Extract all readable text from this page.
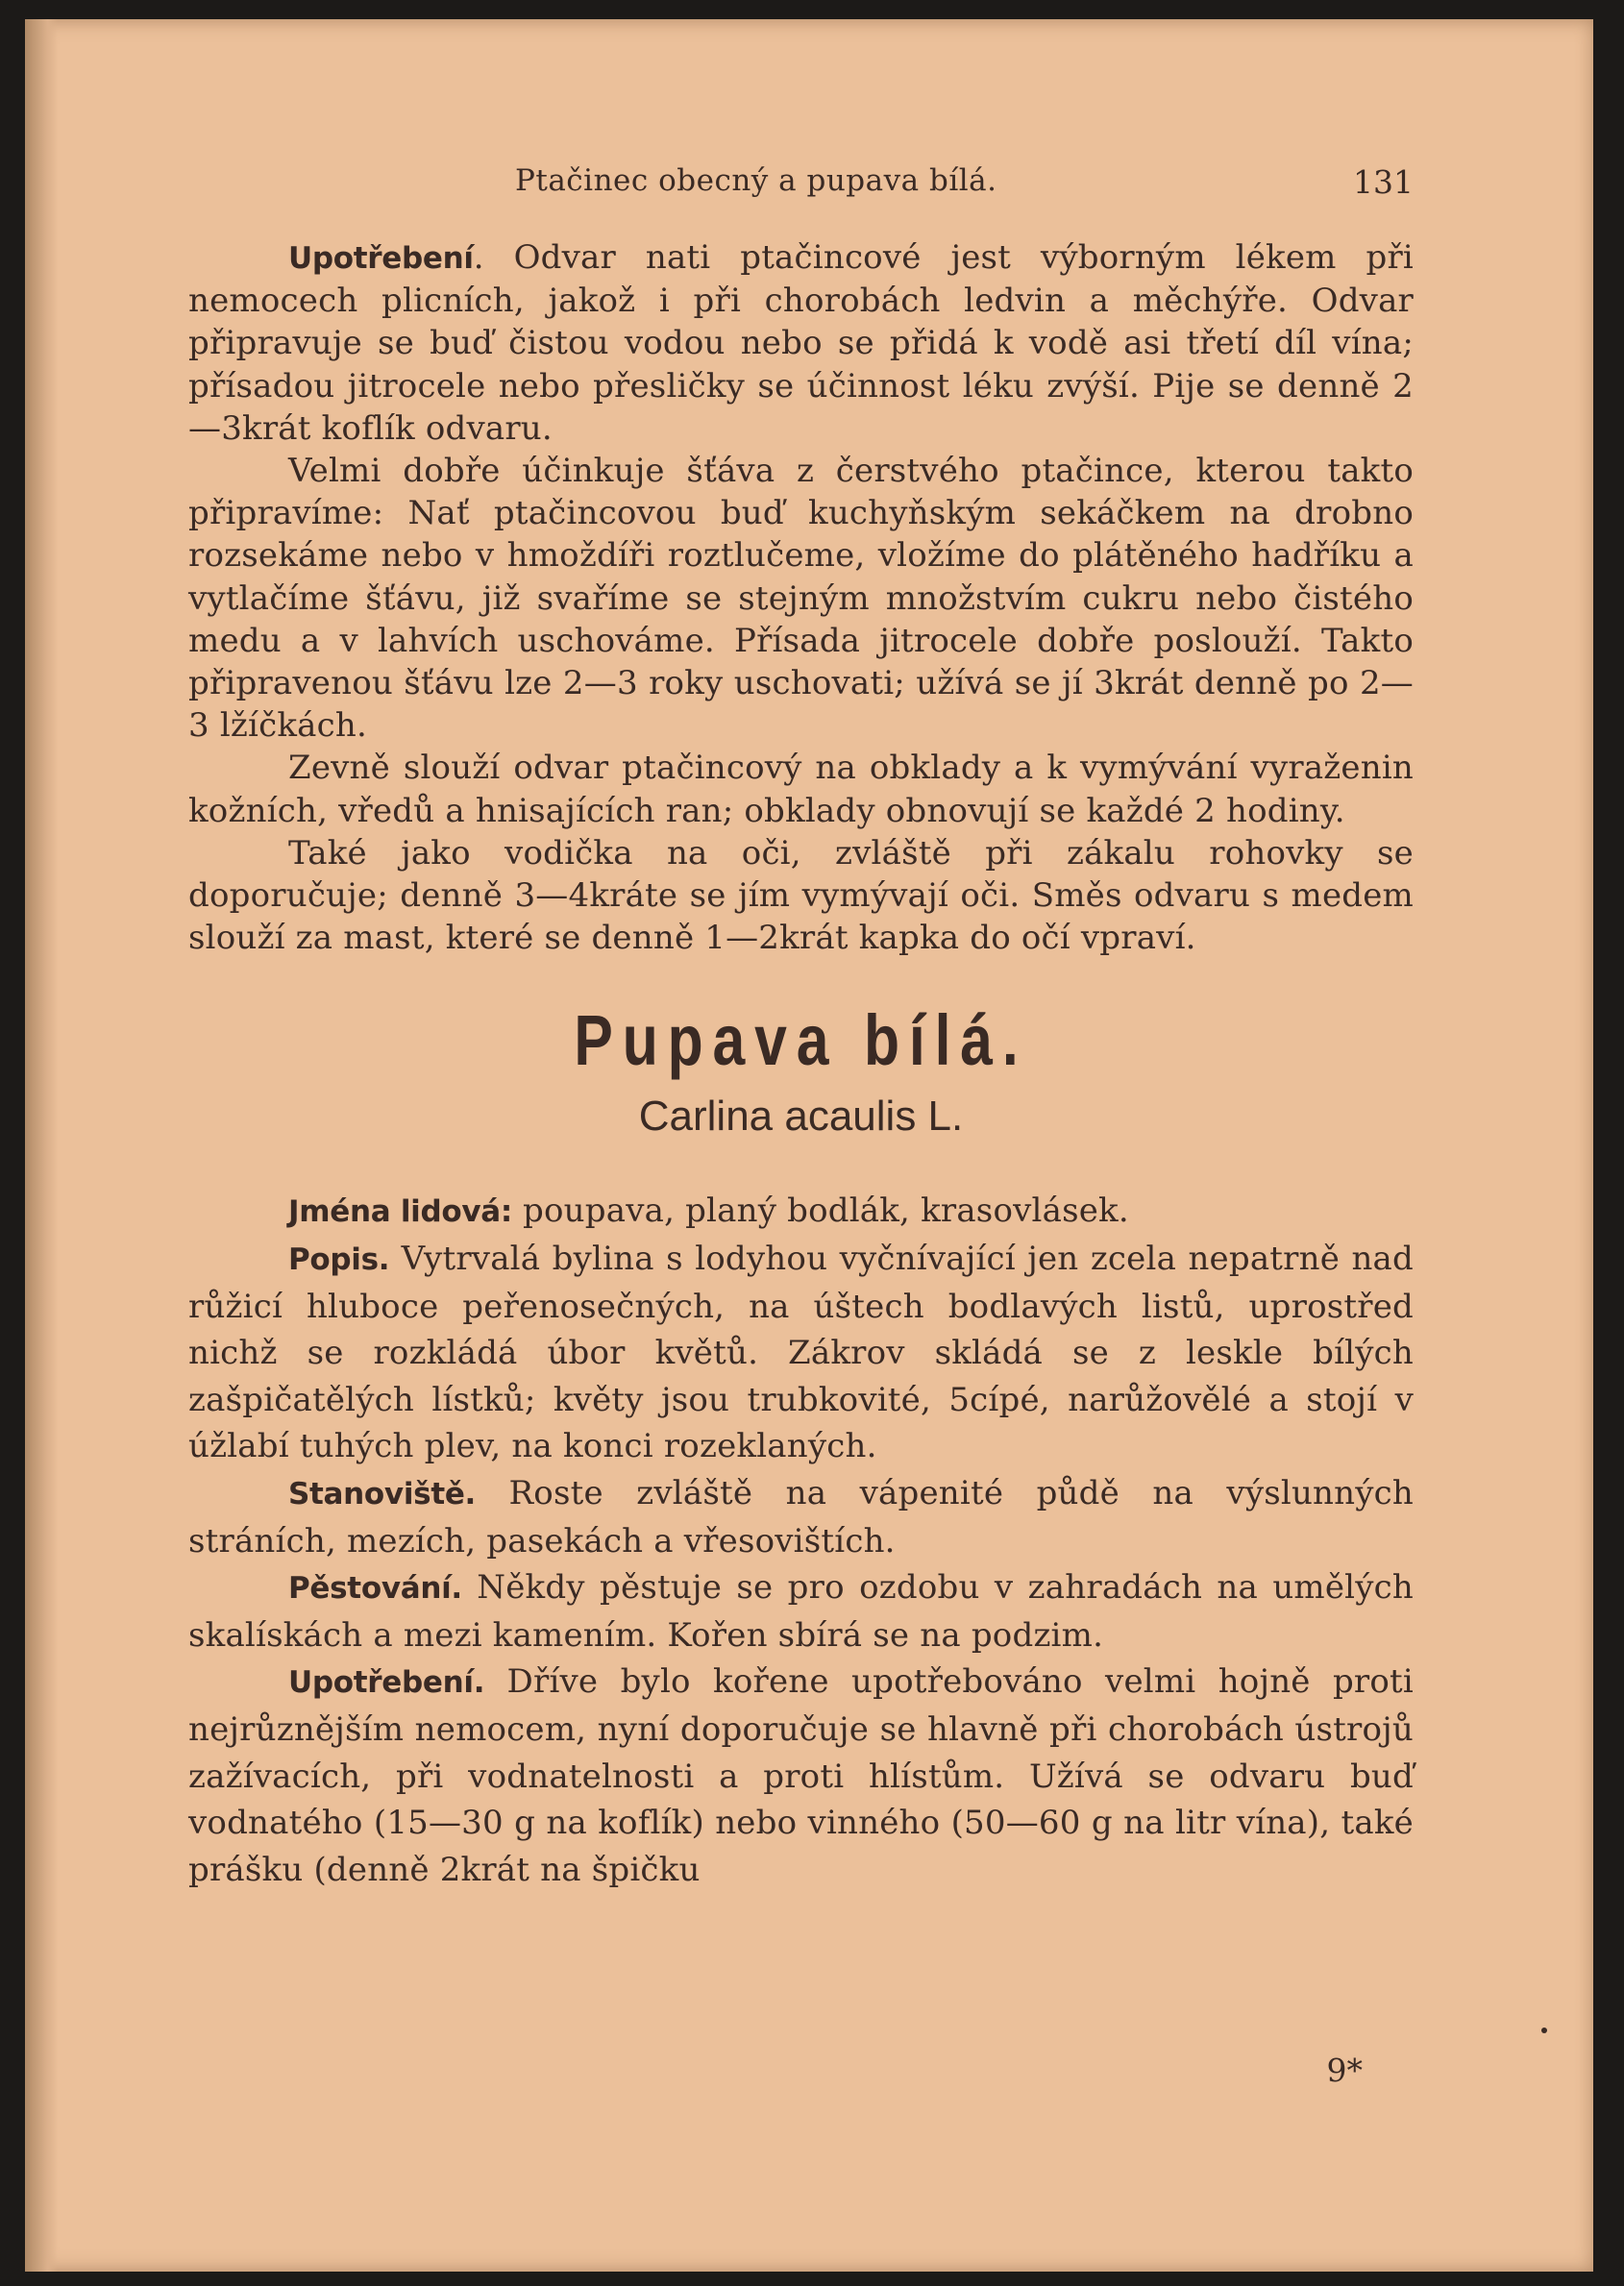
Ptačinec obecný a pupava bílá.	131

Upotřebení. Odvar nati ptačincové jest výborným lékem při nemocech plicních, jakož i při chorobách ledvin a měchýře. Odvar připravuje se buď čistou vodou nebo se přidá k vodě asi třetí díl vína; přísadou jitrocele nebo přesličky se účinnost léku zvýší. Pije se denně 2—3krát koflík odvaru.

Velmi dobře účinkuje šťáva z čerstvého ptačince, kterou takto připravíme: Nať ptačincovou buď kuchyňským sekáčkem na drobno rozsekáme nebo v hmoždíři roztlučeme, vložíme do plátěného hadříku a vytlačíme šťávu, již svaříme se stejným množstvím cukru nebo čistého medu a v lahvích uschováme. Přísada jitrocele dobře poslouží. Takto připravenou šťávu lze 2—3 roky uschovati; užívá se jí 3krát denně po 2—3 lžíčkách.

Zevně slouží odvar ptačincový na obklady a k vymývání vyraženin kožních, vředů a hnisajících ran; obklady obnovují se každé 2 hodiny.

Také jako vodička na oči, zvláště při zákalu rohovky se doporučuje; denně 3—4kráte se jím vymývají oči. Směs odvaru s medem slouží za mast, které se denně 1—2krát kapka do očí vpraví.

Pupava bílá.
Carlina acaulis L.

Jména lidová: poupava, planý bodlák, krasovlásek.

Popis. Vytrvalá bylina s lodyhou vyčnívající jen zcela nepatrně nad růžicí hluboce peřenosečných, na úštech bodlavých listů, uprostřed nichž se rozkládá úbor květů. Zákrov skládá se z leskle bílých zašpičatělých lístků; květy jsou trubkovité, 5cípé, narůžovělé a stojí v úžlabí tuhých plev, na konci rozeklaných.

Stanoviště. Roste zvláště na vápenité půdě na výslunných stráních, mezích, pasekách a vřesovištích.

Pěstování. Někdy pěstuje se pro ozdobu v zahradách na umělých skalískách a mezi kamením. Kořen sbírá se na podzim.

Upotřebení. Dříve bylo kořene upotřebováno velmi hojně proti nejrůznějším nemocem, nyní doporučuje se hlavně při chorobách ústrojů zažívacích, při vodnatelnosti a proti hlístům. Užívá se odvaru buď vodnatého (15—30 g na koflík) nebo vinného (50—60 g na litr vína), také prášku (denně 2krát na špičku

9*
